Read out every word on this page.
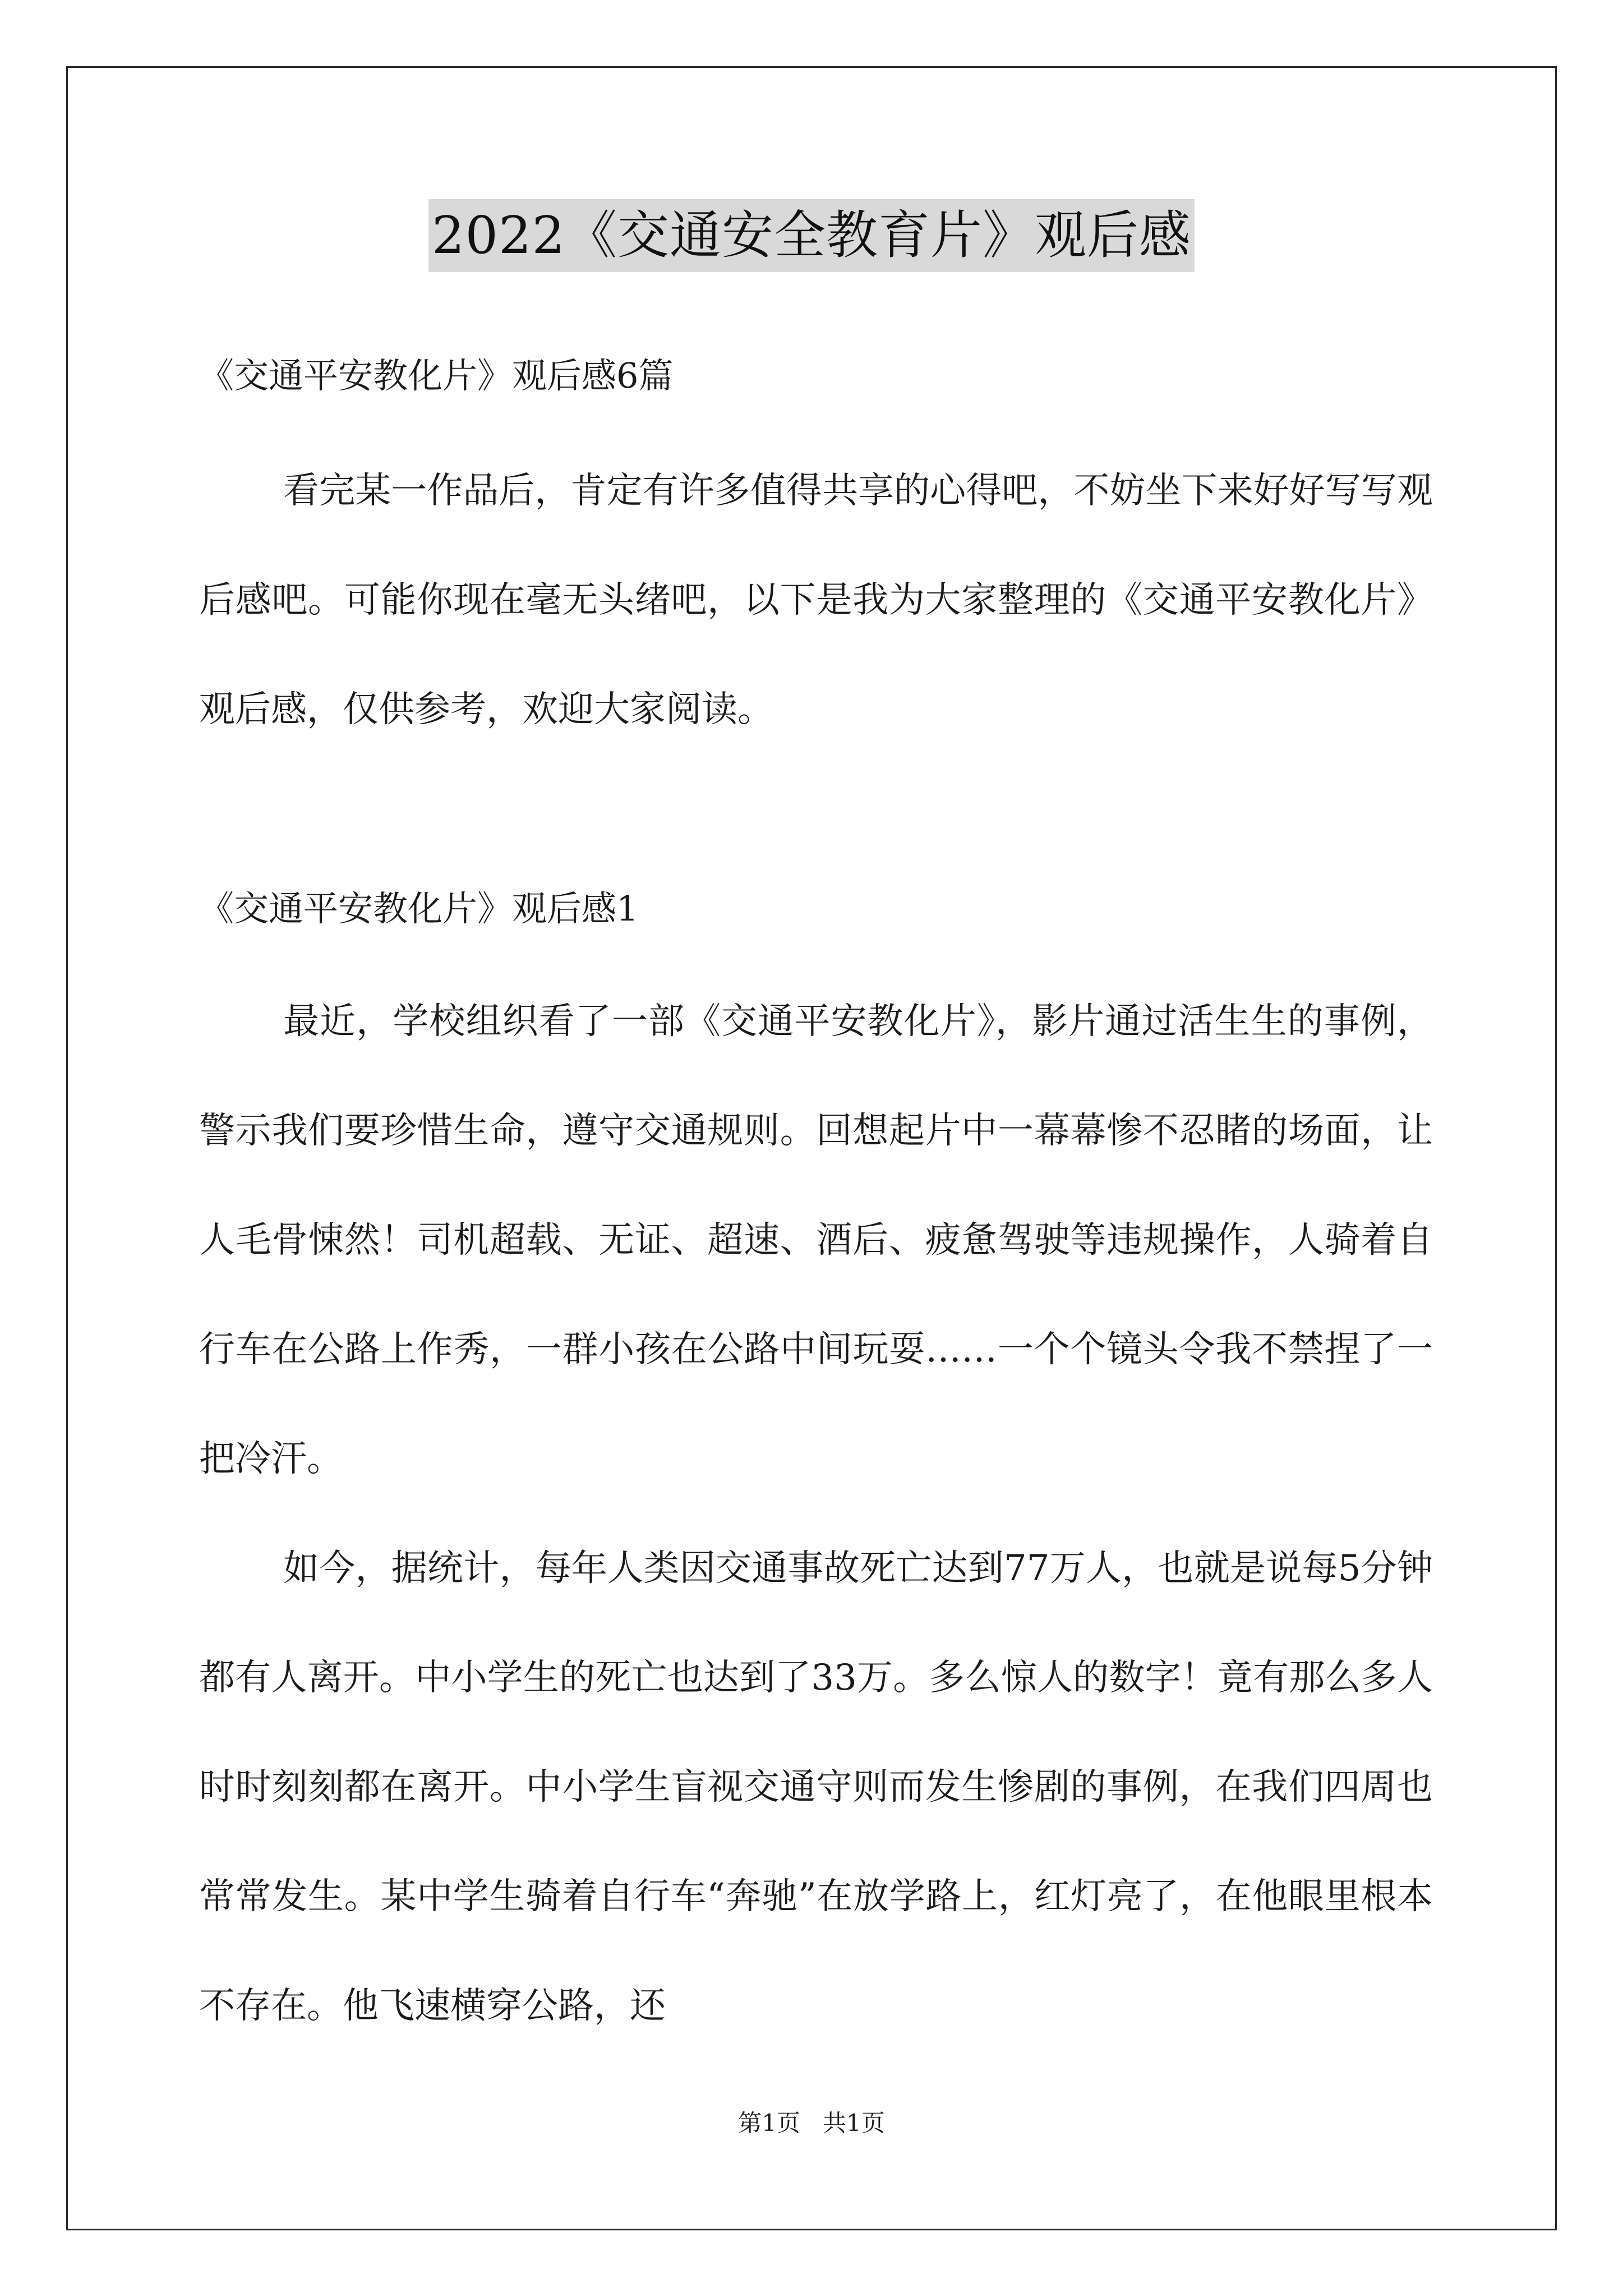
2022《交通安全教育片》观后感
《交通平安教化片》观后感6篇

看完某一作品后，肯定有许多值得共享的心得吧，不妨坐下来好好写写观后感吧。可能你现在毫无头绪吧，以下是我为大家整理的《交通平安教化片》观后感，仅供参考，欢迎大家阅读。

《交通平安教化片》观后感1

最近，学校组织看了一部《交通平安教化片》，影片通过活生生的事例，警示我们要珍惜生命，遵守交通规则。回想起片中一幕幕惨不忍睹的场面，让人毛骨悚然！司机超载、无证、超速、酒后、疲惫驾驶等违规操作，人骑着自行车在公路上作秀，一群小孩在公路中间玩耍……一个个镜头令我不禁捏了一把冷汗。

如今，据统计，每年人类因交通事故死亡达到77万人，也就是说每5分钟都有人离开。中小学生的死亡也达到了33万。多么惊人的数字！竟有那么多人时时刻刻都在离开。中小学生盲视交通守则而发生惨剧的事例，在我们四周也常常发生。某中学生骑着自行车“奔驰”在放学路上，红灯亮了，在他眼里根本不存在。他飞速横穿公路，还

第1页   共1页
